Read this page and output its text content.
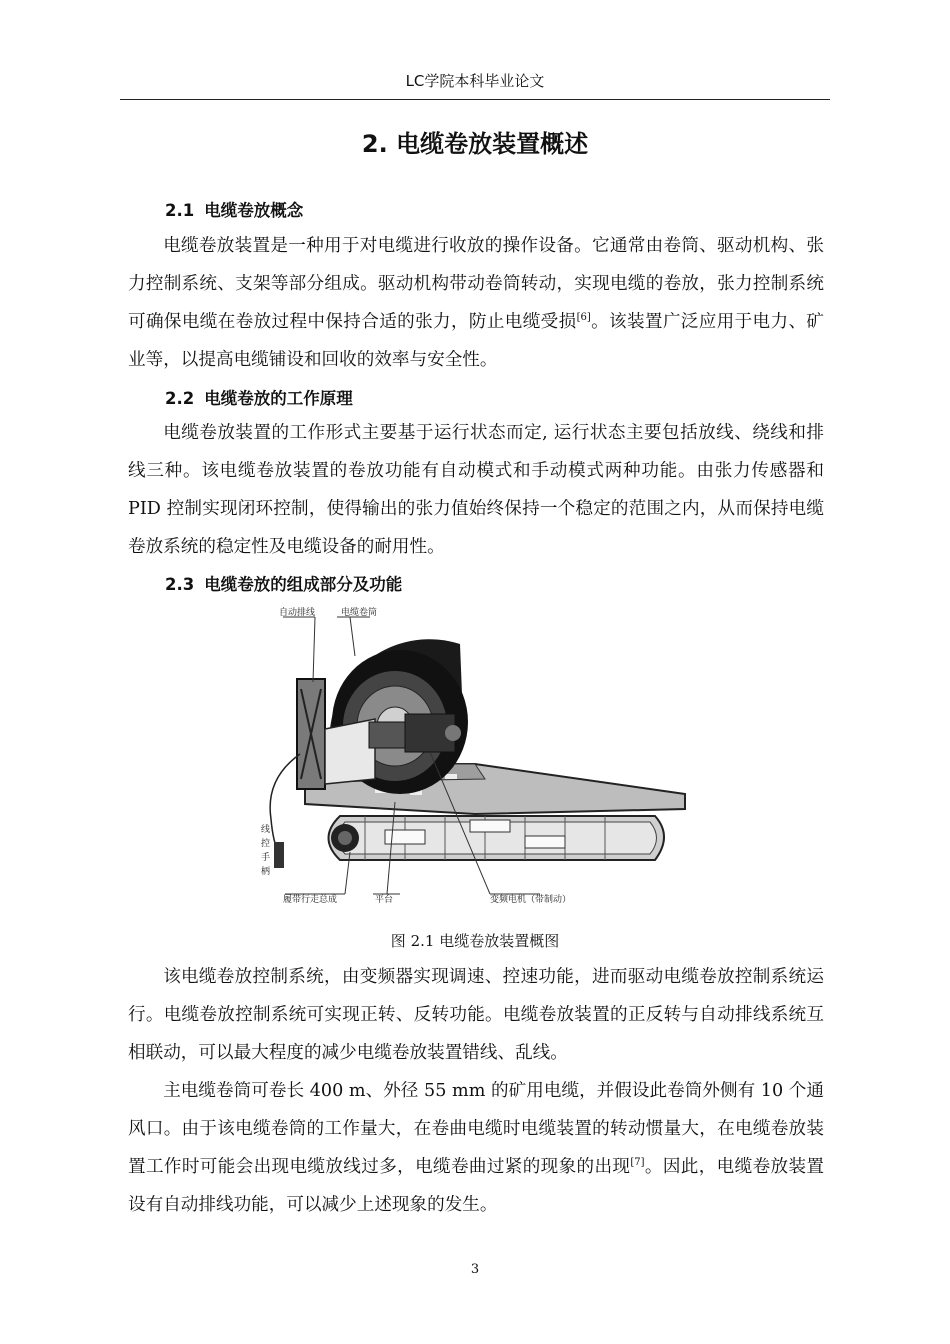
LC学院本科毕业论文
2. 电缆卷放装置概述
2.1 电缆卷放概念
电缆卷放装置是一种用于对电缆进行收放的操作设备。它通常由卷筒、驱动机构、张力控制系统、支架等部分组成。驱动机构带动卷筒转动，实现电缆的卷放，张力控制系统可确保电缆在卷放过程中保持合适的张力，防止电缆受损[6]。该装置广泛应用于电力、矿业等，以提高电缆铺设和回收的效率与安全性。
2.2 电缆卷放的工作原理
电缆卷放装置的工作形式主要基于运行状态而定, 运行状态主要包括放线、绕线和排线三种。该电缆卷放装置的卷放功能有自动模式和手动模式两种功能。由张力传感器和 PID 控制实现闭环控制，使得输出的张力值始终保持一个稳定的范围之内，从而保持电缆卷放系统的稳定性及电缆设备的耐用性。
2.3 电缆卷放的组成部分及功能
自动排线	电缆卷筒
线
控
手
柄
履带行走总成	平台	变频电机（带制动）
图 2.1 电缆卷放装置概图
该电缆卷放控制系统，由变频器实现调速、控速功能，进而驱动电缆卷放控制系统运行。电缆卷放控制系统可实现正转、反转功能。电缆卷放装置的正反转与自动排线系统互相联动，可以最大程度的减少电缆卷放装置错线、乱线。
主电缆卷筒可卷长 400 m、外径 55 mm 的矿用电缆，并假设此卷筒外侧有 10 个通风口。由于该电缆卷筒的工作量大，在卷曲电缆时电缆装置的转动惯量大，在电缆卷放装置工作时可能会出现电缆放线过多，电缆卷曲过紧的现象的出现[7]。因此，电缆卷放装置设有自动排线功能，可以减少上述现象的发生。
3
